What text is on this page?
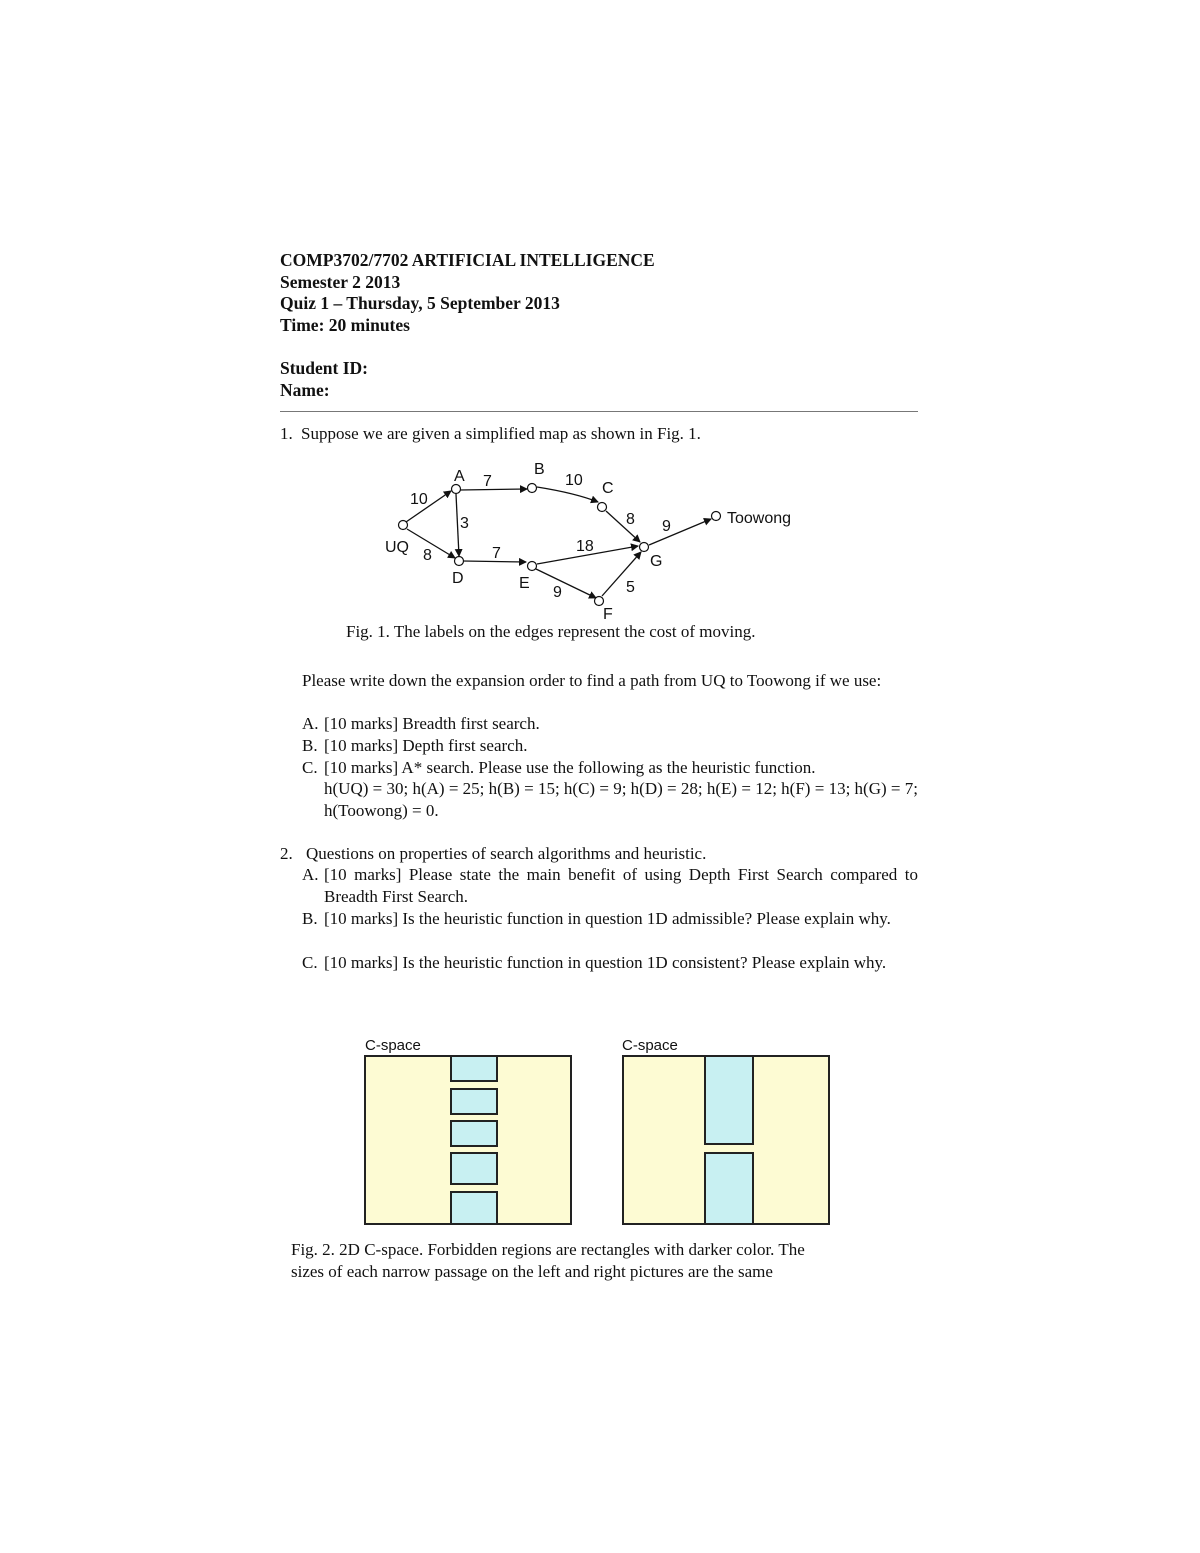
COMP3702/7702 ARTIFICIAL INTELLIGENCE
Semester 2 2013
Quiz 1 – Thursday, 5 September 2013
Time: 20 minutes
Student ID:
Name:
1. Suppose we are given a simplified map as shown in Fig. 1.
UQ
A	B
C
D	E
F
G
Toowong
10
7	10
3
8	7	18
8 9
9	5
Fig. 1. The labels on the edges represent the cost of moving.
Please write down the expansion order to find a path from UQ to Toowong if we use:
A. [10 marks] Breadth first search.
B. [10 marks] Depth first search.
C. [10 marks] A* search. Please use the following as the heuristic function.
h(UQ) = 30; h(A) = 25; h(B) = 15; h(C) = 9; h(D) = 28; h(E) = 12; h(F) = 13; h(G) = 7; h(Toowong) = 0.
2. Questions on properties of search algorithms and heuristic.
A. [10 marks] Please state the main benefit of using Depth First Search compared to Breadth First Search.
B. [10 marks] Is the heuristic function in question 1D admissible? Please explain why.
C. [10 marks] Is the heuristic function in question 1D consistent? Please explain why.
C-space	C-space
Fig. 2. 2D C-space. Forbidden regions are rectangles with darker color. The
sizes of each narrow passage on the left and right pictures are the same
